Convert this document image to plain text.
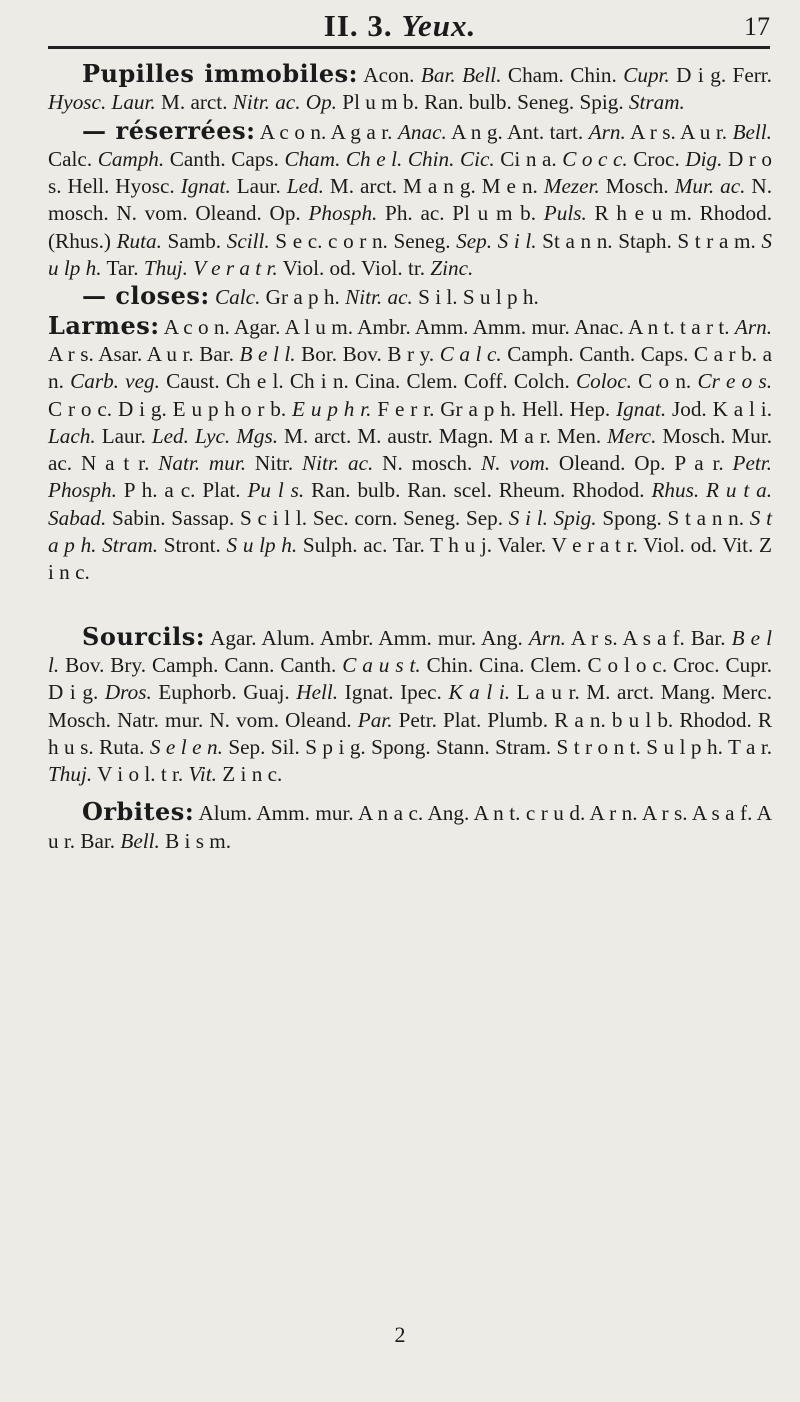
II. 3. Yeux.	17

Pupilles immobiles: Acon. Bar. Bell. Cham. Chin. Cupr. D i g. Ferr. Hyosc. Laur. M. arct. Nitr. ac. Op. Pl u m b. Ran. bulb. Seneg. Spig. Stram.

— réserrées: A c o n. A g a r. Anac. A n g. Ant. tart. Arn. A r s. A u r. Bell. Calc. Camph. Canth. Caps. Cham. Ch e l. Chin. Cic. Ci n a. C o c c. Croc. Dig. D r o s. Hell. Hyosc. Ignat. Laur. Led. M. arct. M a n g. M e n. Mezer. Mosch. Mur. ac. N. mosch. N. vom. Oleand. Op. Phosph. Ph. ac. Pl u m b. Puls. R h e u m. Rhodod. (Rhus.) Ruta. Samb. Scill. S e c. c o r n. Seneg. Sep. S i l. St a n n. Staph. S t r a m. S u lp h. Tar. Thuj. V e r a t r. Viol. od. Viol. tr. Zinc.

— closes: Calc. Gr a p h. Nitr. ac. S i l. S u l p h.

Larmes: A c o n. Agar. A l u m. Ambr. Amm. Amm. mur. Anac. A n t. t a r t. Arn. A r s. Asar. A u r. Bar. B e l l. Bor. Bov. B r y. C a l c. Camph. Canth. Caps. C a r b. a n. Carb. veg. Caust. Ch e l. Ch i n. Cina. Clem. Coff. Colch. Coloc. C o n. Cr e o s. C r o c. D i g. E u p h o r b. E u p h r. F e r r. Gr a p h. Hell. Hep. Ignat. Jod. K a l i. Lach. Laur. Led. Lyc. Mgs. M. arct. M. austr. Magn. M a r. Men. Merc. Mosch. Mur. ac. N a t r. Natr. mur. Nitr. Nitr. ac. N. mosch. N. vom. Oleand. Op. P a r. Petr. Phosph. P h. a c. Plat. Pu l s. Ran. bulb. Ran. scel. Rheum. Rhodod. Rhus. R u t a. Sabad. Sabin. Sassap. S c i l l. Sec. corn. Seneg. Sep. S i l. Spig. Spong. S t a n n. S t a p h. Stram. Stront. S u lp h. Sulph. ac. Tar. T h u j. Valer. V e r a t r. Viol. od. Vit. Z i n c.

Sourcils: Agar. Alum. Ambr. Amm. mur. Ang. Arn. A r s. A s a f. Bar. B e l l. Bov. Bry. Camph. Cann. Canth. C a u s t. Chin. Cina. Clem. C o l o c. Croc. Cupr. D i g. Dros. Euphorb. Guaj. Hell. Ignat. Ipec. K a l i. L a u r. M. arct. Mang. Merc. Mosch. Natr. mur. N. vom. Oleand. Par. Petr. Plat. Plumb. R a n. b u l b. Rhodod. R h u s. Ruta. S e l e n. Sep. Sil. S p i g. Spong. Stann. Stram. S t r o n t. S u l p h. T a r. Thuj. V i o l. t r. Vit. Z i n c.

Orbites: Alum. Amm. mur. A n a c. Ang. A n t. c r u d. A r n. A r s. A s a f. A u r. Bar. Bell. B i s m.

2
